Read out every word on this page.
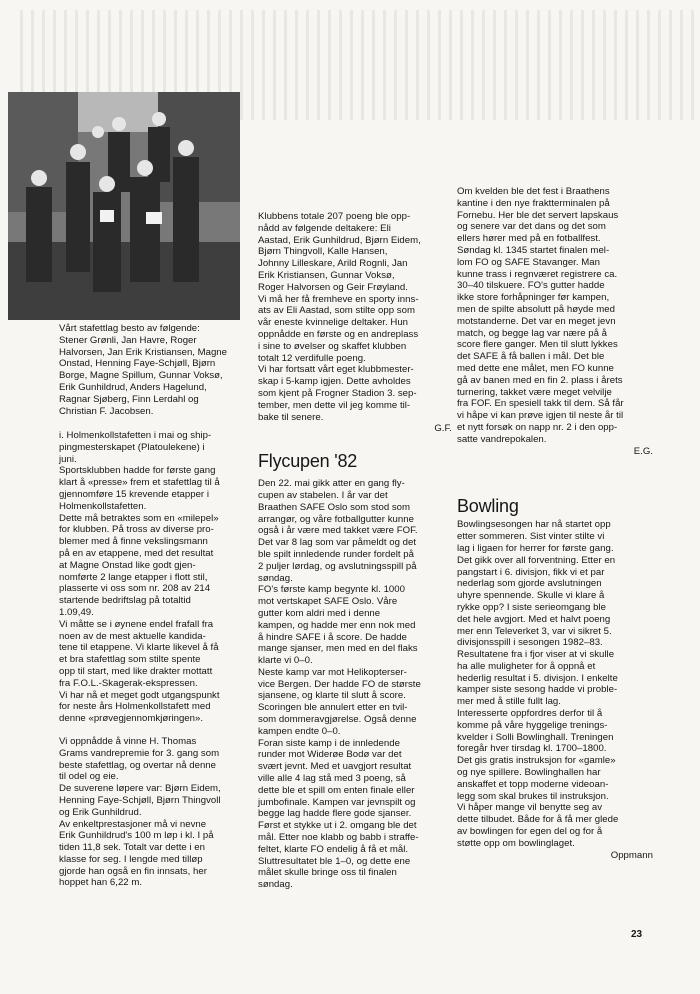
Vårt stafettlag besto av følgende:
Stener Grønli, Jan Havre, Roger
Halvorsen, Jan Erik Kristiansen, Magne
Onstad, Henning Faye-Schjøll, Bjørn
Borge, Magne Spillum, Gunnar Voksø,
Erik Gunhildrud, Anders Hagelund,
Ragnar Sjøberg, Finn Lerdahl og
Christian F. Jacobsen.

i. Holmenkollstafetten i mai og ship-
pingmesterskapet (Platoulekene) i
juni.

Sportsklubben hadde for første gang
klart å «presse» frem et stafettlag til å
gjennomføre 15 krevende etapper i
Holmenkollstafetten.

Dette må betraktes som en «milepel»
for klubben. På tross av diverse pro-
blemer med å finne vekslingsmann
på en av etappene, med det resultat
at Magne Onstad like godt gjen-
nomførte 2 lange etapper i flott stil,
plasserte vi oss som nr. 208 av 214
startende bedriftslag på totaltid
1.09,49.

Vi måtte se i øynene endel frafall fra
noen av de mest aktuelle kandida-
tene til etappene. Vi klarte likevel å få
et bra stafettlag som stilte spente
opp til start, med like drakter mottatt
fra F.O.L.-Skagerak-ekspressen.

Vi har nå et meget godt utgangspunkt
for neste års Holmenkollstafett med
denne «prøvegjennomkjøringen».

Vi oppnådde å vinne H. Thomas
Grams vandrepremie for 3. gang som
beste stafettlag, og overtar nå denne
til odel og eie.

De suverene løpere var: Bjørn Eidem,
Henning Faye-Schjøll, Bjørn Thingvoll
og Erik Gunhildrud.

Av enkeltprestasjoner må vi nevne
Erik Gunhildrud's 100 m løp i kl. I på
tiden 11,8 sek. Totalt var dette i en
klasse for seg. I lengde med tilløp
gjorde han også en fin innsats, her
hoppet han 6,22 m.

Klubbens totale 207 poeng ble opp-
nådd av følgende deltakere: Eli
Aastad, Erik Gunhildrud, Bjørn Eidem,
Bjørn Thingvoll, Kalle Hansen,
Johnny Lilleskare, Arild Rognli, Jan
Erik Kristiansen, Gunnar Voksø,
Roger Halvorsen og Geir Frøyland.

Vi må her få fremheve en sporty inns-
ats av Eli Aastad, som stilte opp som
vår eneste kvinnelige deltaker. Hun
oppnådde en første og en andreplass
i sine to øvelser og skaffet klubben
totalt 12 verdifulle poeng.

Vi har fortsatt vårt eget klubbmester-
skap i 5-kamp igjen. Dette avholdes
som kjent på Frogner Stadion 3. sep-
tember, men dette vil jeg komme til-
bake til senere.

G.F.

Flycupen '82

Den 22. mai gikk atter en gang fly-
cupen av stabelen. I år var det
Braathen SAFE Oslo som stod som
arrangør, og våre fotballgutter kunne
også i år være med takket være FOF.

Det var 8 lag som var påmeldt og det
ble spilt innledende runder fordelt på
2 puljer lørdag, og avslutningsspill på
søndag.

FO's første kamp begynte kl. 1000
mot vertskapet SAFE Oslo. Våre
gutter kom aldri med i denne
kampen, og hadde mer enn nok med
å hindre SAFE i å score. De hadde
mange sjanser, men med en del flaks
klarte vi 0–0.

Neste kamp var mot Helikopterser-
vice Bergen. Der hadde FO de største
sjansene, og klarte til slutt å score.
Scoringen ble annulert etter en tvil-
som dommeravgjørelse. Også denne
kampen endte 0–0.

Foran siste kamp i de innledende
runder mot Widerøe Bodø var det
svært jevnt. Med et uavgjort resultat
ville alle 4 lag stå med 3 poeng, så
dette ble et spill om enten finale eller
jumbofinale. Kampen var jevnspilt og
begge lag hadde flere gode sjanser.
Først et stykke ut i 2. omgang ble det
mål. Etter noe klabb og babb i straffe-
feltet, klarte FO endelig å få et mål.
Sluttresultatet ble 1–0, og dette ene
målet skulle bringe oss til finalen
søndag.

Om kvelden ble det fest i Braathens
kantine i den nye fraktterminalen på
Fornebu. Her ble det servert lapskaus
og senere var det dans og det som
ellers hører med på en fotballfest.

Søndag kl. 1345 startet finalen mel-
lom FO og SAFE Stavanger. Man
kunne trass i regnværet registrere ca.
30–40 tilskuere. FO's gutter hadde
ikke store forhåpninger før kampen,
men de spilte absolutt på høyde med
motstanderne. Det var en meget jevn
match, og begge lag var nære på å
score flere ganger. Men til slutt lykkes
det SAFE å få ballen i mål. Det ble
med dette ene målet, men FO kunne
gå av banen med en fin 2. plass i årets
turnering, takket være meget velvilje
fra FOF. En spesiell takk til dem. Så får
vi håpe vi kan prøve igjen til neste år til
et nytt forsøk on napp nr. 2 i den opp-
satte vandrepokalen.

E.G.

Bowling

Bowlingsesongen har nå startet opp
etter sommeren. Sist vinter stilte vi
lag i ligaen for herrer for første gang.
Det gikk over all forventning. Etter en
pangstart i 6. divisjon, fikk vi et par
nederlag som gjorde avslutningen
uhyre spennende. Skulle vi klare å
rykke opp? I siste serieomgang ble
det hele avgjort. Med et halvt poeng
mer enn Televerket 3, var vi sikret 5.
divisjonsspill i sesongen 1982–83.

Resultatene fra i fjor viser at vi skulle
ha alle muligheter for å oppnå et
hederlig resultat i 5. divisjon. I enkelte
kamper siste sesong hadde vi proble-
mer med å stille fullt lag.

Interesserte oppfordres derfor til å
komme på våre hyggelige trenings-
kvelder i Solli Bowlinghall. Treningen
foregår hver tirsdag kl. 1700–1800.
Det gis gratis instruksjon for «gamle»
og nye spillere. Bowlinghallen har
anskaffet et topp moderne videoan-
legg som skal brukes til instruksjon.

Vi håper mange vil benytte seg av
dette tilbudet. Både for å få mer glede
av bowlingen for egen del og for å
støtte opp om bowlinglaget.

Oppmann

23
